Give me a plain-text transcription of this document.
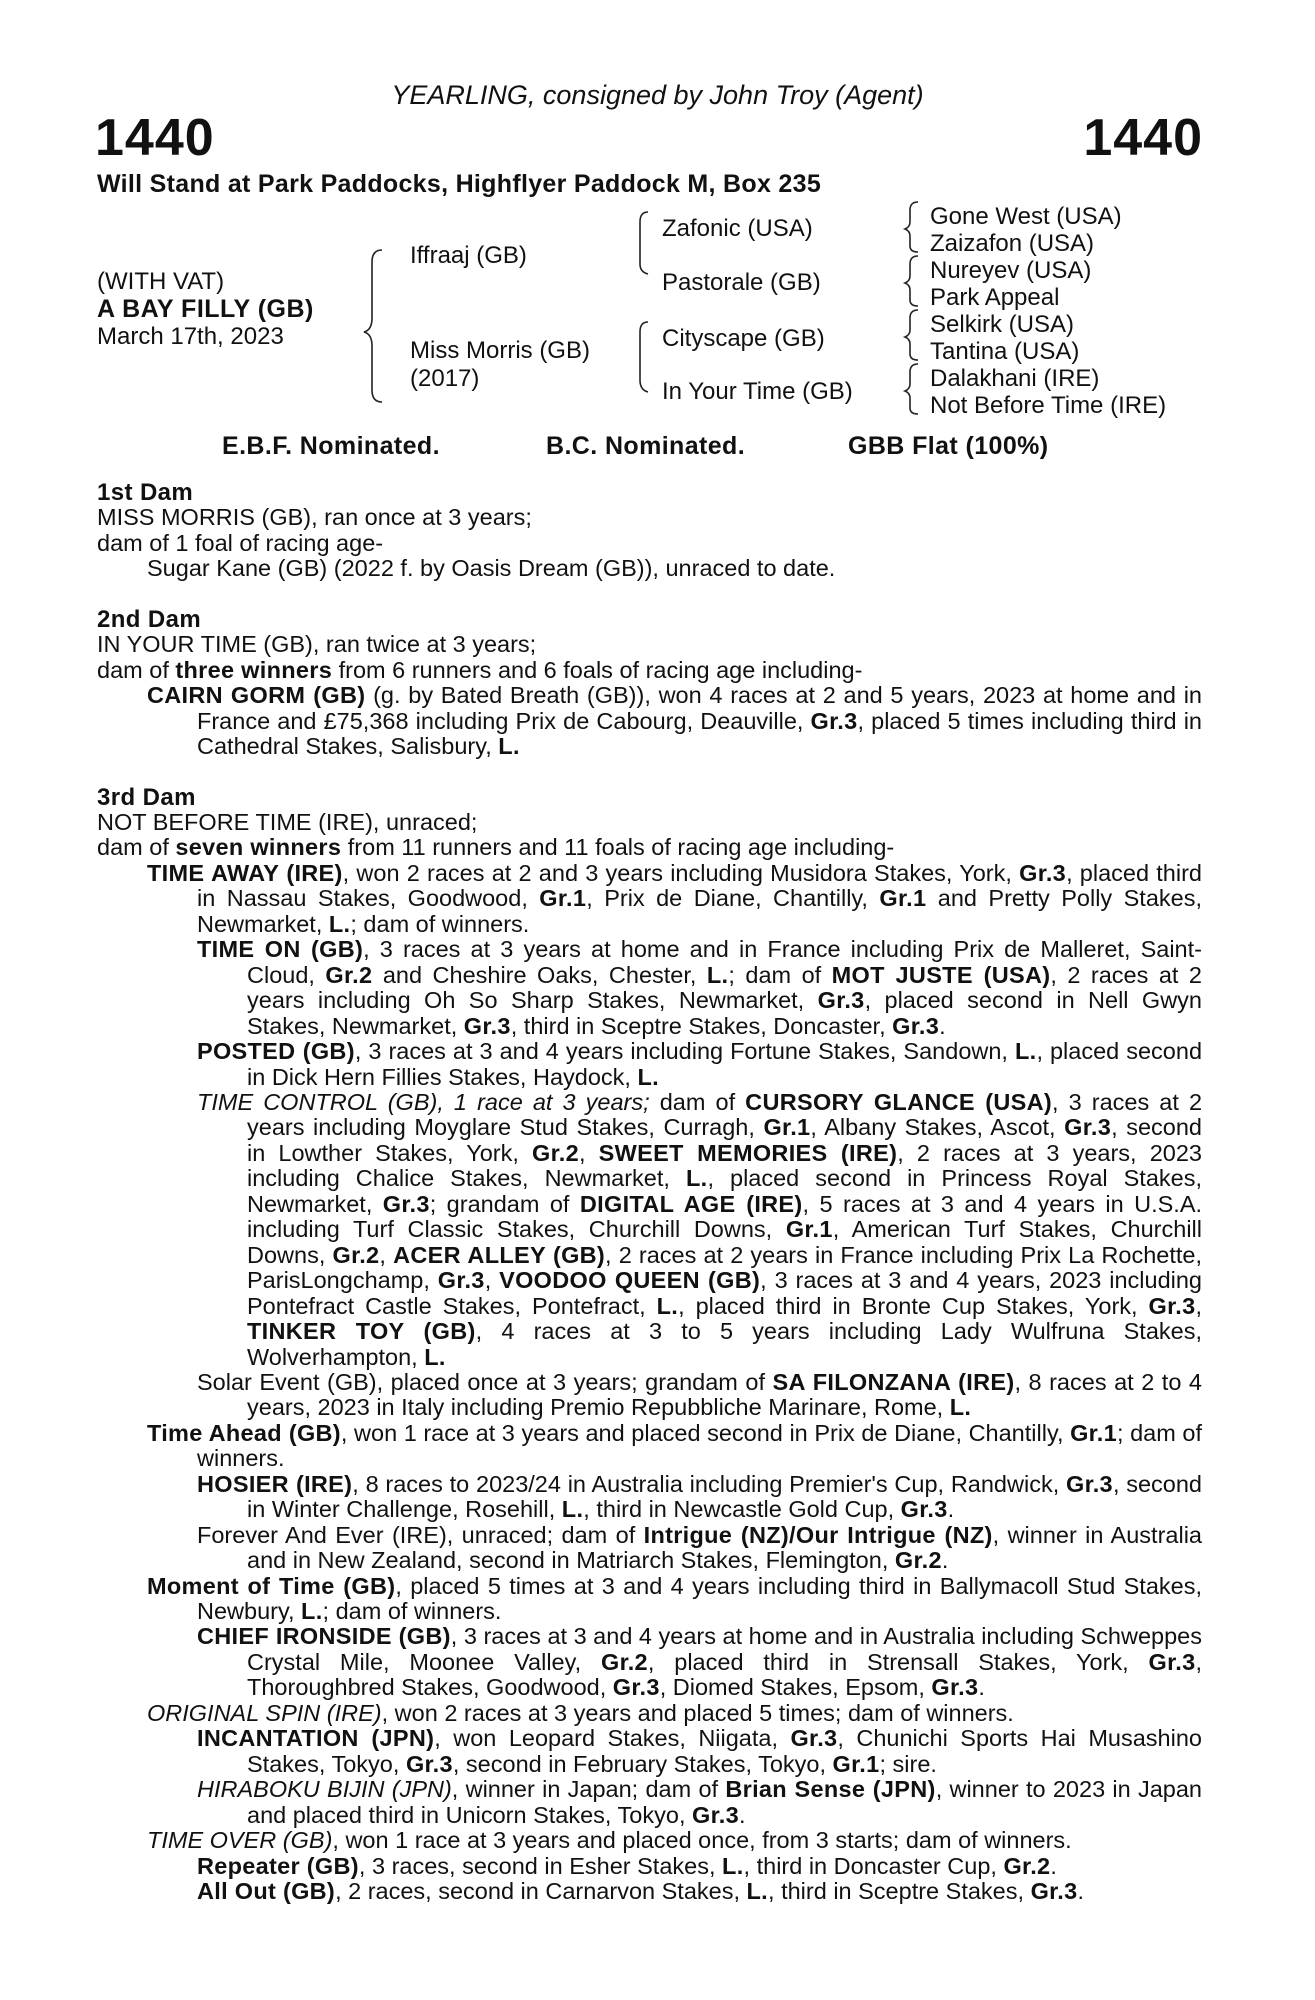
YEARLING, consigned by John Troy (Agent)
1440	1440
Will Stand at Park Paddocks, Highflyer Paddock M, Box 235
(WITH VAT)
A BAY FILLY (GB)
March 17th, 2023
Iffraaj (GB)
Miss Morris (GB)
(2017)
Zafonic (USA)
Pastorale (GB)
Cityscape (GB)
In Your Time (GB)
Gone West (USA)
Zaizafon (USA)
Nureyev (USA)
Park Appeal
Selkirk (USA)
Tantina (USA)
Dalakhani (IRE)
Not Before Time (IRE)
E.B.F. Nominated.	B.C. Nominated.	GBB Flat (100%)
1st Dam
MISS MORRIS (GB), ran once at 3 years;
dam of 1 foal of racing age-
Sugar Kane (GB) (2022 f. by Oasis Dream (GB)), unraced to date.
2nd Dam
IN YOUR TIME (GB), ran twice at 3 years;
dam of three winners from 6 runners and 6 foals of racing age including-
CAIRN GORM (GB) (g. by Bated Breath (GB)), won 4 races at 2 and 5 years, 2023 at home and in France and £75,368 including Prix de Cabourg, Deauville, Gr.3, placed 5 times including third in Cathedral Stakes, Salisbury, L.
3rd Dam
NOT BEFORE TIME (IRE), unraced;
dam of seven winners from 11 runners and 11 foals of racing age including-
TIME AWAY (IRE), won 2 races at 2 and 3 years including Musidora Stakes, York, Gr.3, placed third in Nassau Stakes, Goodwood, Gr.1, Prix de Diane, Chantilly, Gr.1 and Pretty Polly Stakes, Newmarket, L.; dam of winners.
TIME ON (GB), 3 races at 3 years at home and in France including Prix de Malleret, Saint-Cloud, Gr.2 and Cheshire Oaks, Chester, L.; dam of MOT JUSTE (USA), 2 races at 2 years including Oh So Sharp Stakes, Newmarket, Gr.3, placed second in Nell Gwyn Stakes, Newmarket, Gr.3, third in Sceptre Stakes, Doncaster, Gr.3.
POSTED (GB), 3 races at 3 and 4 years including Fortune Stakes, Sandown, L., placed second in Dick Hern Fillies Stakes, Haydock, L.
TIME CONTROL (GB), 1 race at 3 years; dam of CURSORY GLANCE (USA), 3 races at 2 years including Moyglare Stud Stakes, Curragh, Gr.1, Albany Stakes, Ascot, Gr.3, second in Lowther Stakes, York, Gr.2, SWEET MEMORIES (IRE), 2 races at 3 years, 2023 including Chalice Stakes, Newmarket, L., placed second in Princess Royal Stakes, Newmarket, Gr.3; grandam of DIGITAL AGE (IRE), 5 races at 3 and 4 years in U.S.A. including Turf Classic Stakes, Churchill Downs, Gr.1, American Turf Stakes, Churchill Downs, Gr.2, ACER ALLEY (GB), 2 races at 2 years in France including Prix La Rochette, ParisLongchamp, Gr.3, VOODOO QUEEN (GB), 3 races at 3 and 4 years, 2023 including Pontefract Castle Stakes, Pontefract, L., placed third in Bronte Cup Stakes, York, Gr.3, TINKER TOY (GB), 4 races at 3 to 5 years including Lady Wulfruna Stakes, Wolverhampton, L.
Solar Event (GB), placed once at 3 years; grandam of SA FILONZANA (IRE), 8 races at 2 to 4 years, 2023 in Italy including Premio Repubbliche Marinare, Rome, L.
Time Ahead (GB), won 1 race at 3 years and placed second in Prix de Diane, Chantilly, Gr.1; dam of winners.
HOSIER (IRE), 8 races to 2023/24 in Australia including Premier's Cup, Randwick, Gr.3, second in Winter Challenge, Rosehill, L., third in Newcastle Gold Cup, Gr.3.
Forever And Ever (IRE), unraced; dam of Intrigue (NZ)/Our Intrigue (NZ), winner in Australia and in New Zealand, second in Matriarch Stakes, Flemington, Gr.2.
Moment of Time (GB), placed 5 times at 3 and 4 years including third in Ballymacoll Stud Stakes, Newbury, L.; dam of winners.
CHIEF IRONSIDE (GB), 3 races at 3 and 4 years at home and in Australia including Schweppes Crystal Mile, Moonee Valley, Gr.2, placed third in Strensall Stakes, York, Gr.3, Thoroughbred Stakes, Goodwood, Gr.3, Diomed Stakes, Epsom, Gr.3.
ORIGINAL SPIN (IRE), won 2 races at 3 years and placed 5 times; dam of winners.
INCANTATION (JPN), won Leopard Stakes, Niigata, Gr.3, Chunichi Sports Hai Musashino Stakes, Tokyo, Gr.3, second in February Stakes, Tokyo, Gr.1; sire.
HIRABOKU BIJIN (JPN), winner in Japan; dam of Brian Sense (JPN), winner to 2023 in Japan and placed third in Unicorn Stakes, Tokyo, Gr.3.
TIME OVER (GB), won 1 race at 3 years and placed once, from 3 starts; dam of winners.
Repeater (GB), 3 races, second in Esher Stakes, L., third in Doncaster Cup, Gr.2.
All Out (GB), 2 races, second in Carnarvon Stakes, L., third in Sceptre Stakes, Gr.3.
